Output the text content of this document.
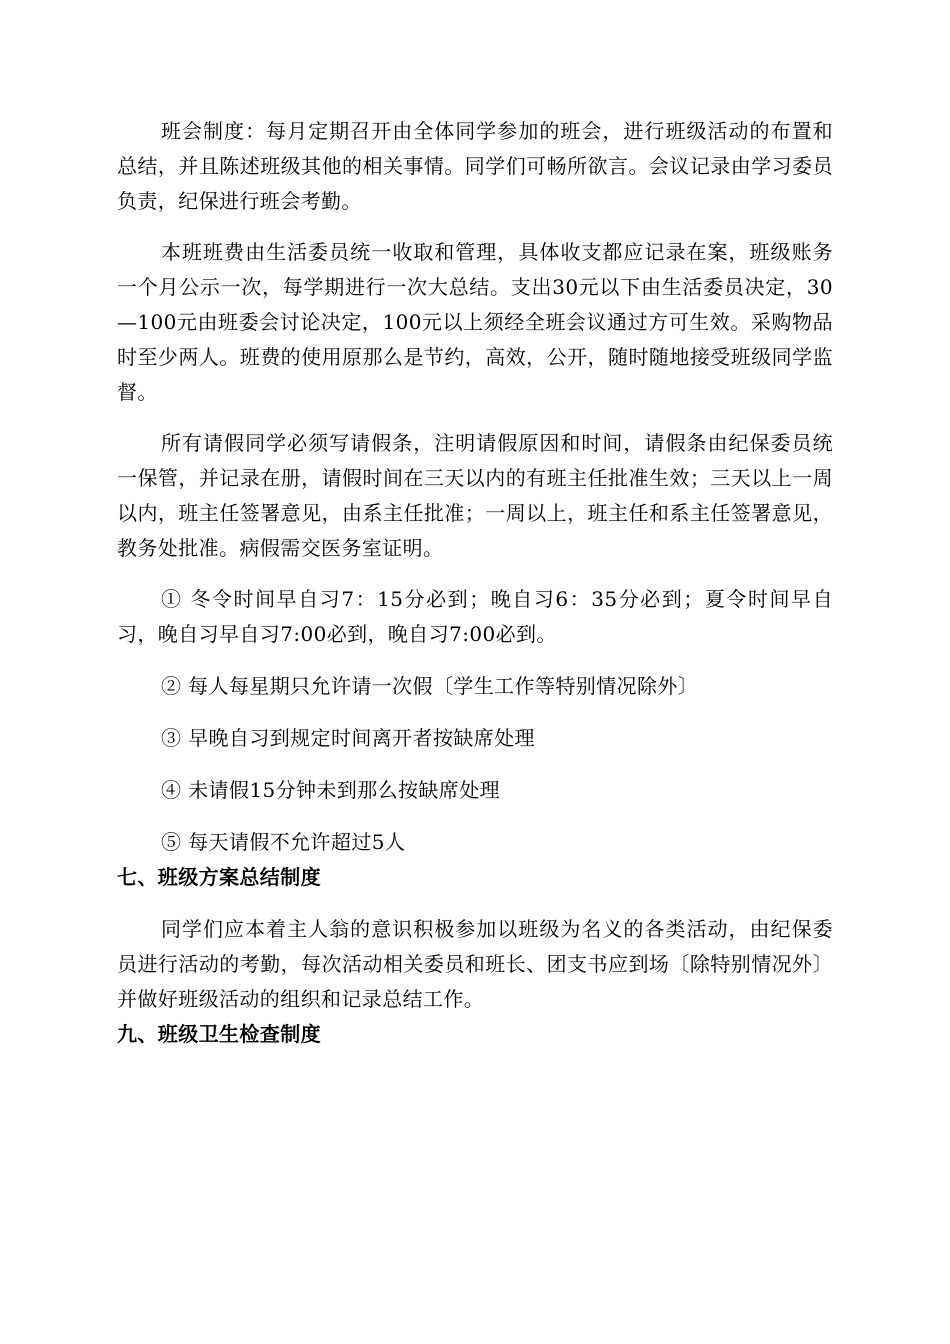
班会制度：每月定期召开由全体同学参加的班会，进行班级活动的布置和总结，并且陈述班级其他的相关事情。同学们可畅所欲言。会议记录由学习委员负责，纪保进行班会考勤。

本班班费由生活委员统一收取和管理，具体收支都应记录在案，班级账务一个月公示一次，每学期进行一次大总结。支出30元以下由生活委员决定，30—100元由班委会讨论决定，100元以上须经全班会议通过方可生效。采购物品时至少两人。班费的使用原那么是节约，高效，公开，随时随地接受班级同学监督。

所有请假同学必须写请假条，注明请假原因和时间，请假条由纪保委员统一保管，并记录在册，请假时间在三天以内的有班主任批准生效；三天以上一周以内，班主任签署意见，由系主任批准；一周以上，班主任和系主任签署意见，教务处批准。病假需交医务室证明。

① 冬令时间早自习7：15分必到；晚自习6：35分必到；夏令时间早自习，晚自习早自习7:00必到，晚自习7:00必到。

② 每人每星期只允许请一次假〔学生工作等特别情况除外〕

③ 早晚自习到规定时间离开者按缺席处理

④ 未请假15分钟未到那么按缺席处理

⑤ 每天请假不允许超过5人

七、班级方案总结制度

同学们应本着主人翁的意识积极参加以班级为名义的各类活动，由纪保委员进行活动的考勤，每次活动相关委员和班长、团支书应到场〔除特别情况外〕并做好班级活动的组织和记录总结工作。

九、班级卫生检查制度
